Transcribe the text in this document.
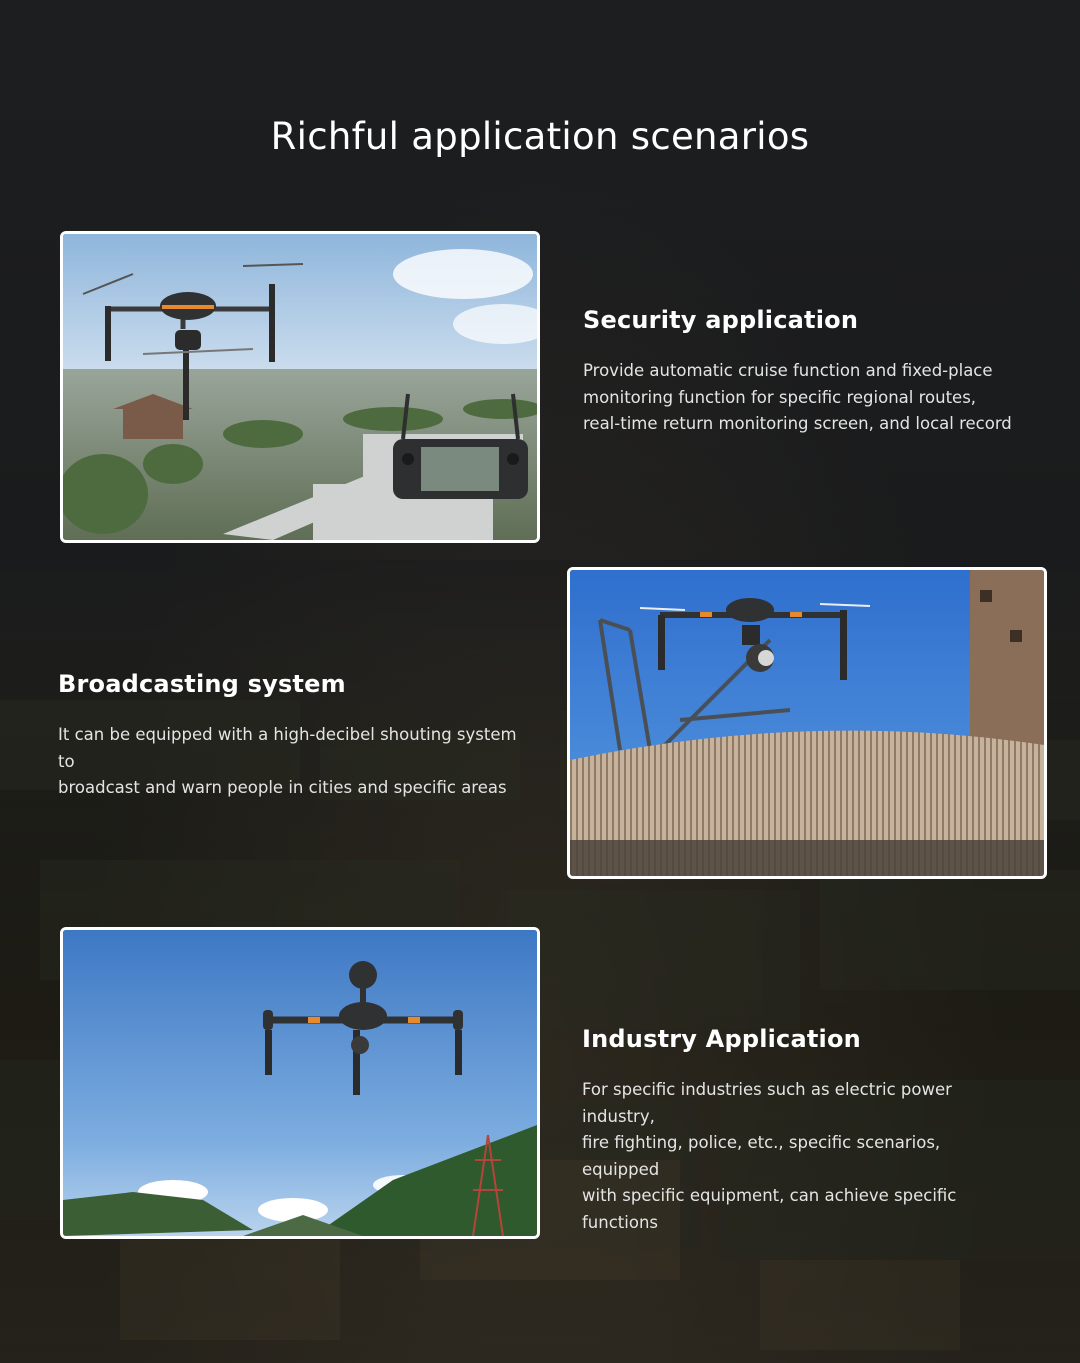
Richful application scenarios
Security application

Provide automatic cruise function and fixed-place
monitoring function for specific regional routes,
real-time return monitoring screen, and local record

Broadcasting system

It can be equipped with a high-decibel shouting system to
broadcast and warn people in cities and specific areas

Industry Application

For specific industries such as electric power industry,
fire fighting, police, etc., specific scenarios, equipped
with specific equipment, can achieve specific functions
